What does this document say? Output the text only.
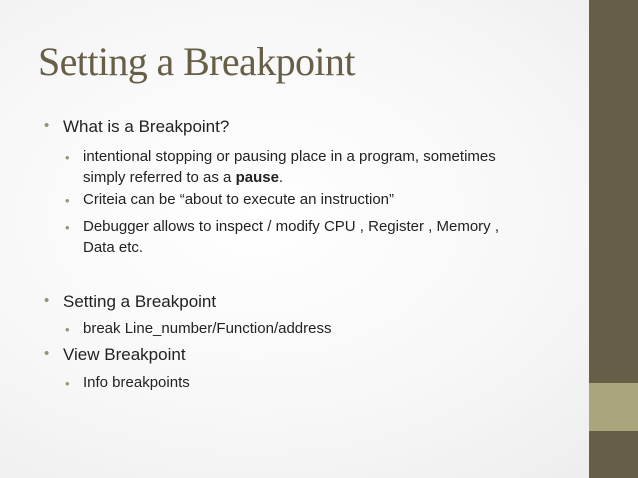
Setting a Breakpoint
• What is a Breakpoint?
• intentional stopping or pausing place in a program, sometimes
simply referred to as a pause.
• Criteia can be “about to execute an instruction”
• Debugger allows to inspect / modify CPU , Register , Memory ,
Data etc.
• Setting a Breakpoint
• break Line_number/Function/address
• View Breakpoint
• Info breakpoints
